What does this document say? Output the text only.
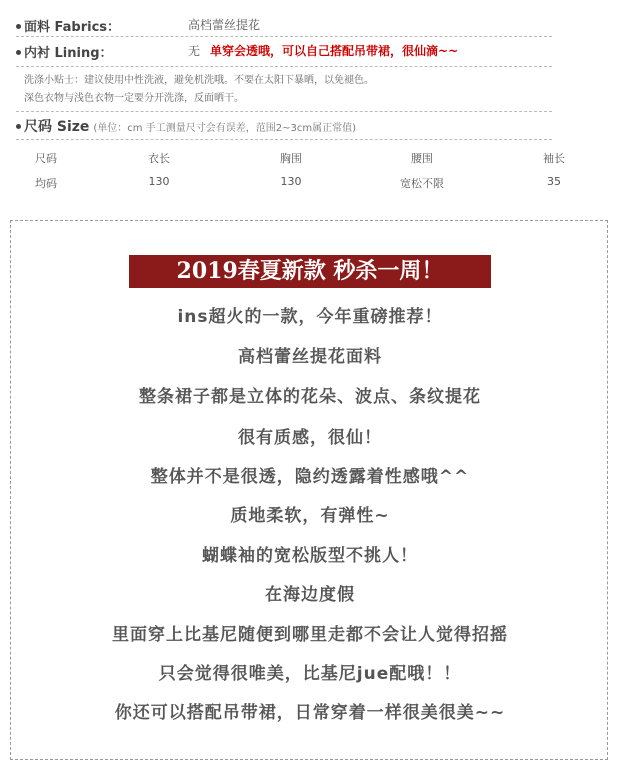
面料 Fabrics：	高档蕾丝提花
内衬 Lining：	无 单穿会透哦，可以自己搭配吊带裙，很仙滴~~
洗涤小贴士：建议使用中性洗液，避免机洗哦。不要在太阳下暴晒，以免褪色。
深色衣物与浅色衣物一定要分开洗涤，反面晒干。
尺码 Size (单位：cm 手工测量尺寸会有误差，范围2~3cm属正常值)
尺码	衣长	胸围	腰围	袖长
均码	130	130	宽松不限	35
2019春夏新款 秒杀一周！
ins超火的一款，今年重磅推荐！
高档蕾丝提花面料
整条裙子都是立体的花朵、波点、条纹提花
很有质感，很仙！
整体并不是很透，隐约透露着性感哦^^
质地柔软，有弹性~
蝴蝶袖的宽松版型不挑人！
在海边度假
里面穿上比基尼随便到哪里走都不会让人觉得招摇
只会觉得很唯美，比基尼jue配哦！！
你还可以搭配吊带裙，日常穿着一样很美很美~~
